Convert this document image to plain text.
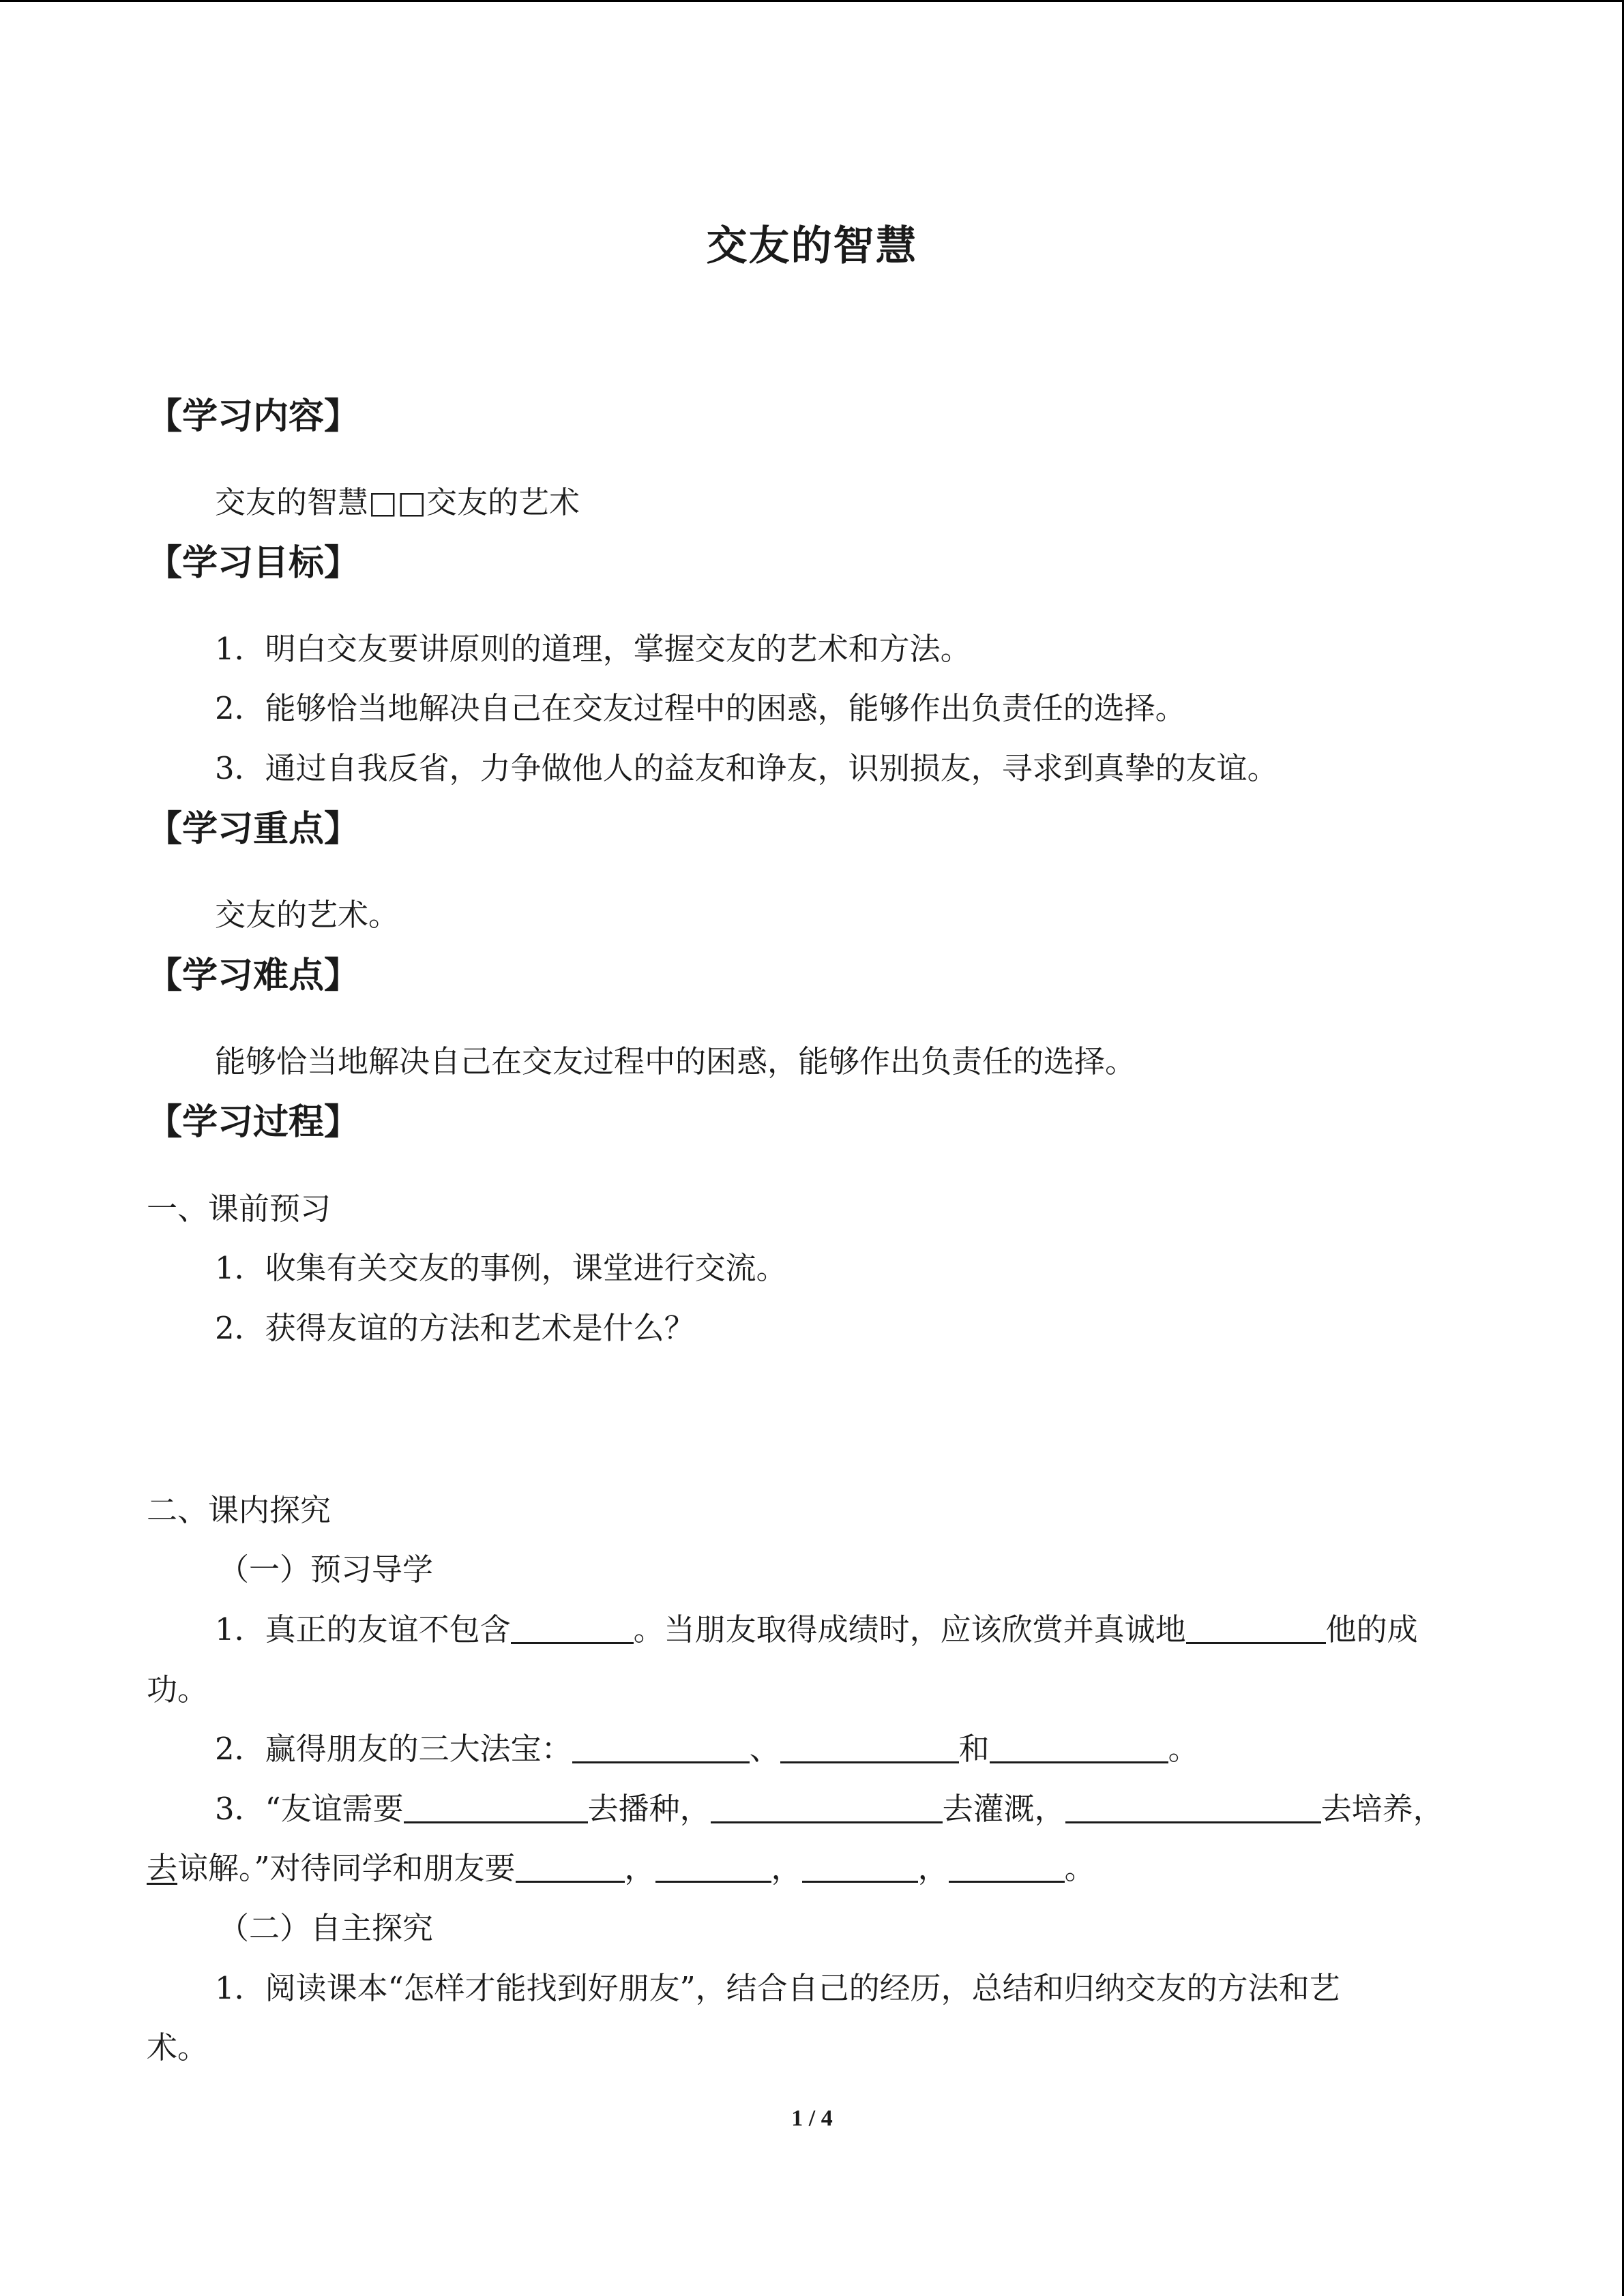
交友的智慧
【学习内容】
交友的智慧□□交友的艺术
【学习目标】
1．明白交友要讲原则的道理，掌握交友的艺术和方法。
2．能够恰当地解决自己在交友过程中的困惑，能够作出负责任的选择。
3．通过自我反省，力争做他人的益友和诤友，识别损友，寻求到真挚的友谊。
【学习重点】
交友的艺术。
【学习难点】
能够恰当地解决自己在交友过程中的困惑，能够作出负责任的选择。
【学习过程】
一、课前预习
1．收集有关交友的事例，课堂进行交流。
2．获得友谊的方法和艺术是什么？
二、课内探究
（一）预习导学
1．真正的友谊不包含	。当朋友取得成绩时，应该欣赏并真诚地	他的成
功。
2．赢得朋友的三大法宝：	、	和	。
3．“友谊需要	去播种，	去灌溉，	去培养，
去谅解。”对待同学和朋友要	，	，	，	。
（二）自主探究
1．阅读课本“怎样才能找到好朋友”，结合自己的经历，总结和归纳交友的方法和艺
术。
1 / 4
